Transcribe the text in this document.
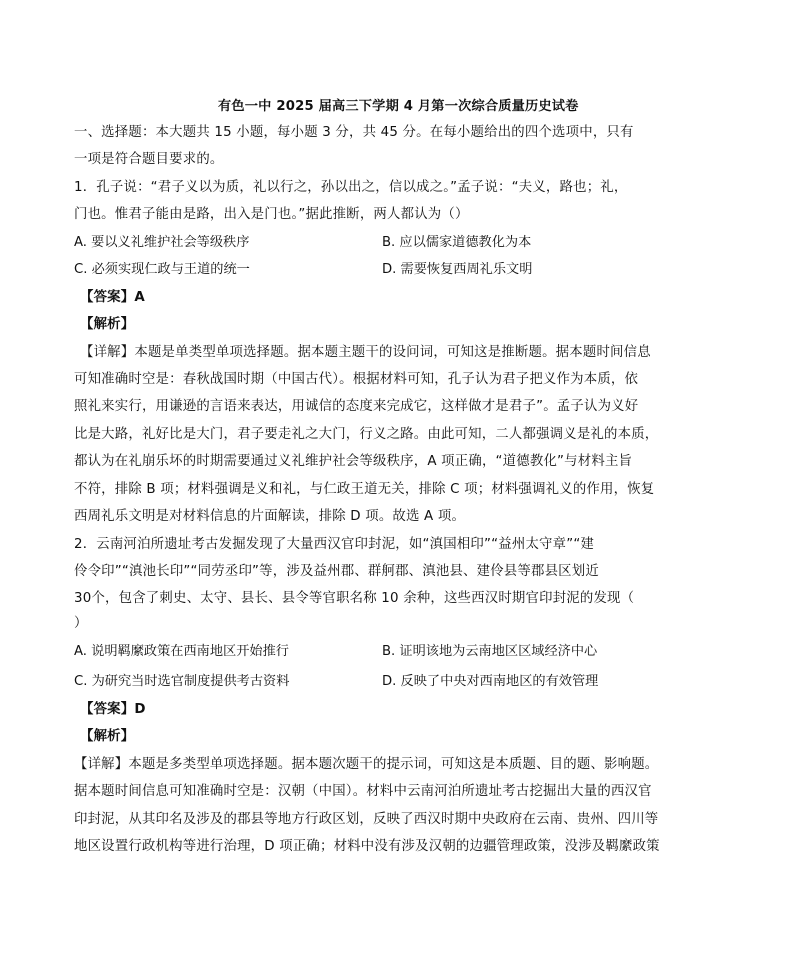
有色一中 2025 届高三下学期 4 月第一次综合质量历史试卷
一、选择题：本大题共 15 小题，每小题 3 分，共 45 分。在每小题给出的四个选项中，只有
一项是符合题目要求的。
1．孔子说：“君子义以为质，礼以行之，孙以出之，信以成之。”孟子说：“夫义，路也；礼，
门也。惟君子能由是路，出入是门也。”据此推断，两人都认为（）
A. 要以义礼维护社会等级秩序	B. 应以儒家道德教化为本
C. 必须实现仁政与王道的统一	D. 需要恢复西周礼乐文明
【答案】A
【解析】
【详解】本题是单类型单项选择题。据本题主题干的设问词，可知这是推断题。据本题时间信息
可知准确时空是：春秋战国时期（中国古代）。根据材料可知，孔子认为君子把义作为本质，依
照礼来实行，用谦逊的言语来表达，用诚信的态度来完成它，这样做才是君子”。孟子认为义好
比是大路，礼好比是大门，君子要走礼之大门，行义之路。由此可知，二人都强调义是礼的本质，
都认为在礼崩乐坏的时期需要通过义礼维护社会等级秩序，A 项正确，“道德教化”与材料主旨
不符，排除 B 项；材料强调是义和礼，与仁政王道无关，排除 C 项；材料强调礼义的作用，恢复
西周礼乐文明是对材料信息的片面解读，排除 D 项。故选 A 项。
2．云南河泊所遗址考古发掘发现了大量西汉官印封泥，如“滇国相印”“益州太守章”“建
伶令印”“滇池长印”“同劳丞印”等，涉及益州郡、群舸郡、滇池县、建伶县等郡县区划近
30个，包含了刺史、太守、县长、县令等官职名称 10 余种，这些西汉时期官印封泥的发现（
）
A. 说明羁縻政策在西南地区开始推行	B. 证明该地为云南地区区域经济中心
C. 为研究当时选官制度提供考古资料	D. 反映了中央对西南地区的有效管理
【答案】D
【解析】
【详解】本题是多类型单项选择题。据本题次题干的提示词，可知这是本质题、目的题、影响题。
据本题时间信息可知准确时空是：汉朝（中国）。材料中云南河泊所遗址考古挖掘出大量的西汉官
印封泥，从其印名及涉及的郡县等地方行政区划，反映了西汉时期中央政府在云南、贵州、四川等
地区设置行政机构等进行治理，D 项正确；材料中没有涉及汉朝的边疆管理政策，没涉及羁縻政策
